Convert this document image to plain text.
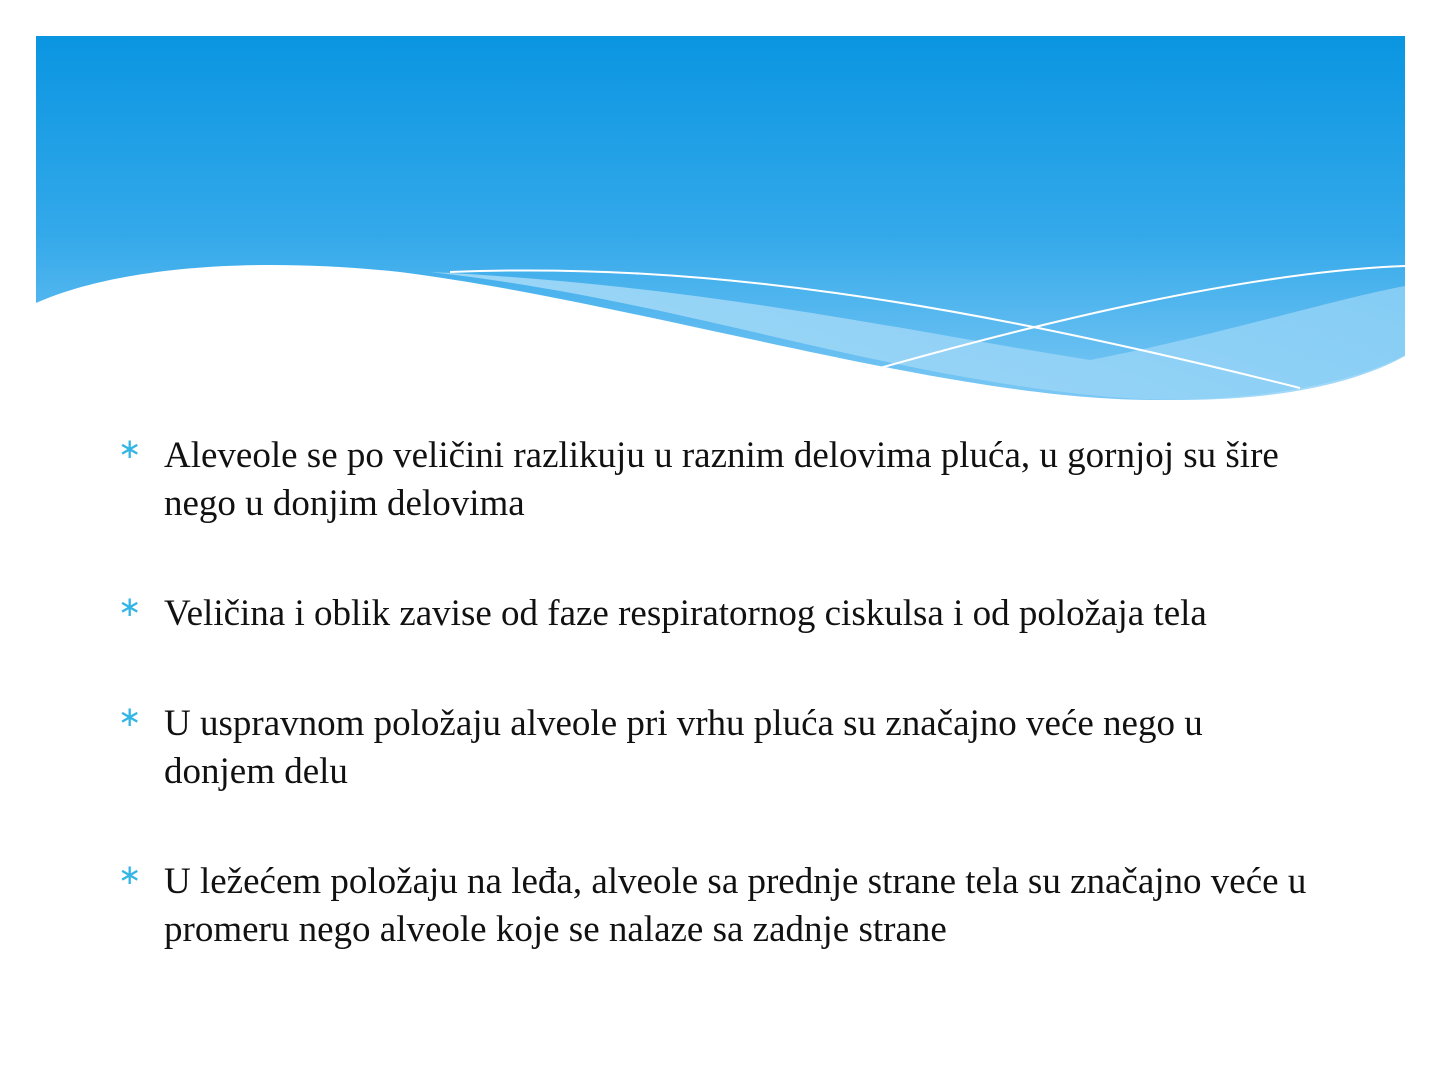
∗ Aleveole se po veličini razlikuju u raznim delovima pluća, u gornjoj su šire nego u donjim delovima
∗ Veličina i oblik zavise od faze respiratornog ciskulsa i od položaja tela
∗ U uspravnom položaju alveole pri vrhu pluća su značajno veće nego u donjem delu
∗ U ležećem položaju na leđa, alveole sa prednje strane tela su značajno veće u promeru nego alveole koje se nalaze sa zadnje strane
